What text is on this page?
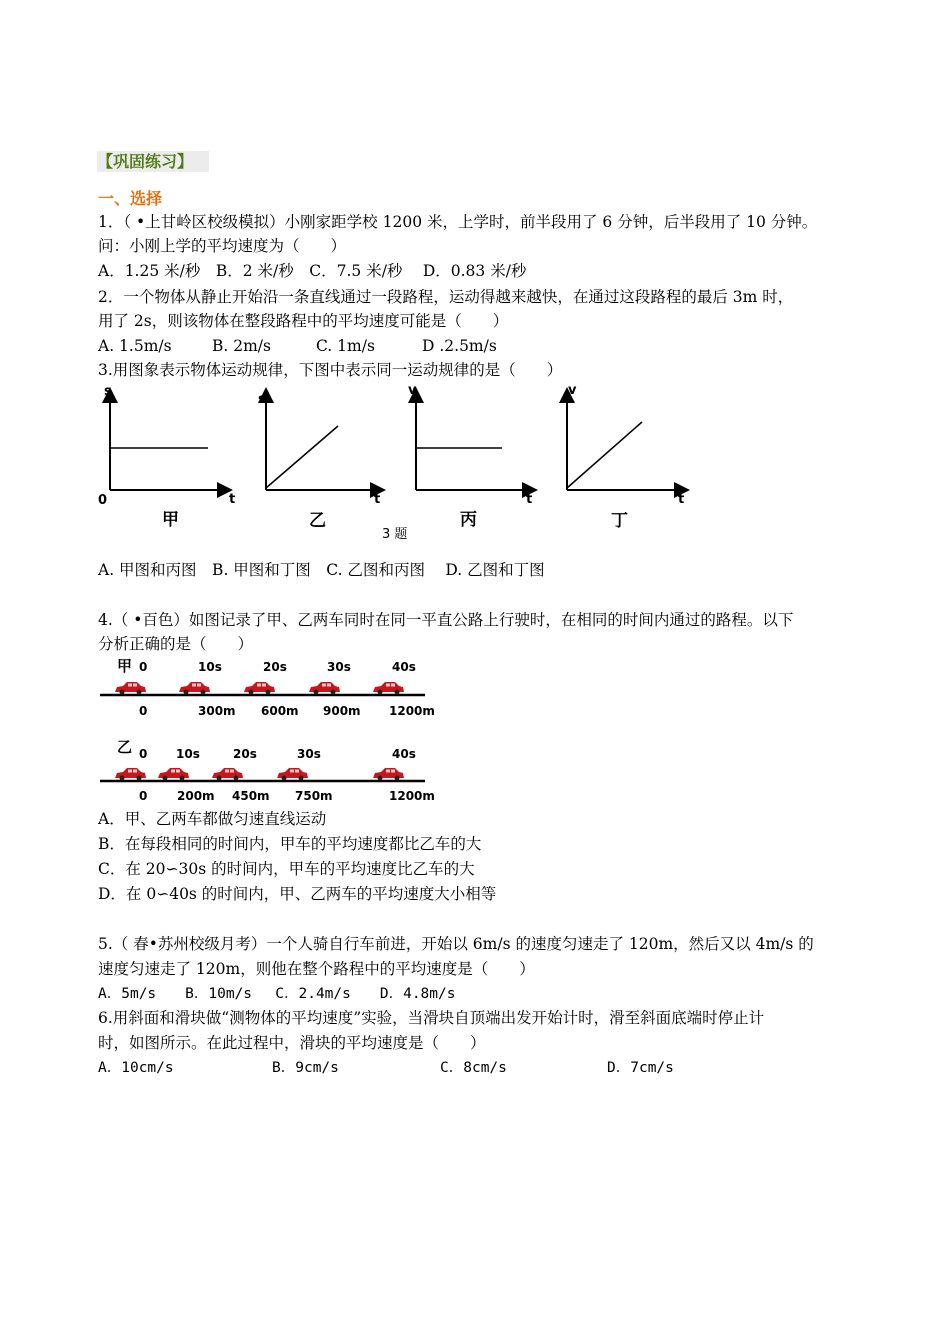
【巩固练习】
一、选择
1．（ •上甘岭区校级模拟）小刚家距学校 1200 米，上学时，前半段用了 6 分钟，后半段用了 10 分钟。
问：小刚上学的平均速度为（　　）
A．1.25 米/秒　B．2 米/秒　C．7.5 米/秒　 D．0.83 米/秒
2．一个物体从静止开始沿一条直线通过一段路程，运动得越来越快，在通过这段路程的最后 3m 时，
用了 2s，则该物体在整段路程中的平均速度可能是（　　）
A. 1.5m/s	B. 2m/s	C. 1m/s	D .2.5m/s
3.用图象表示物体运动规律，下图中表示同一运动规律的是（　　）
s
t
0
甲
s
t
乙
v
t
丙
v
t
丁
3 题
A. 甲图和丙图　B. 甲图和丁图　C. 乙图和丙图　 D. 乙图和丁图
4.（ •百色）如图记录了甲、乙两车同时在同一平直公路上行驶时，在相同的时间内通过的路程。以下
分析正确的是（　　）
甲 0	10s	20s	30s	40s
0	300m 600m 900m 1200m
乙 0 10s	20s	30s	40s
0 200m 450m 750m	1200m
A．甲、乙两车都做匀速直线运动
B．在每段相同的时间内，甲车的平均速度都比乙车的大
C．在 20∽30s 的时间内，甲车的平均速度比乙车的大
D．在 0∽40s 的时间内，甲、乙两车的平均速度大小相等
5.（ 春•苏州校级月考）一个人骑自行车前进，开始以 6m/s 的速度匀速走了 120m，然后又以 4m/s 的
速度匀速走了 120m，则他在整个路程中的平均速度是（　　）
A．5m/s　　B．10m/s　 C．2.4m/s　　D．4.8m/s
6.用斜面和滑块做“测物体的平均速度”实验，当滑块自顶端出发开始计时，滑至斜面底端时停止计
时，如图所示。在此过程中，滑块的平均速度是（　　）
A．10cm/s	B．9cm/s	C．8cm/s	D．7cm/s
